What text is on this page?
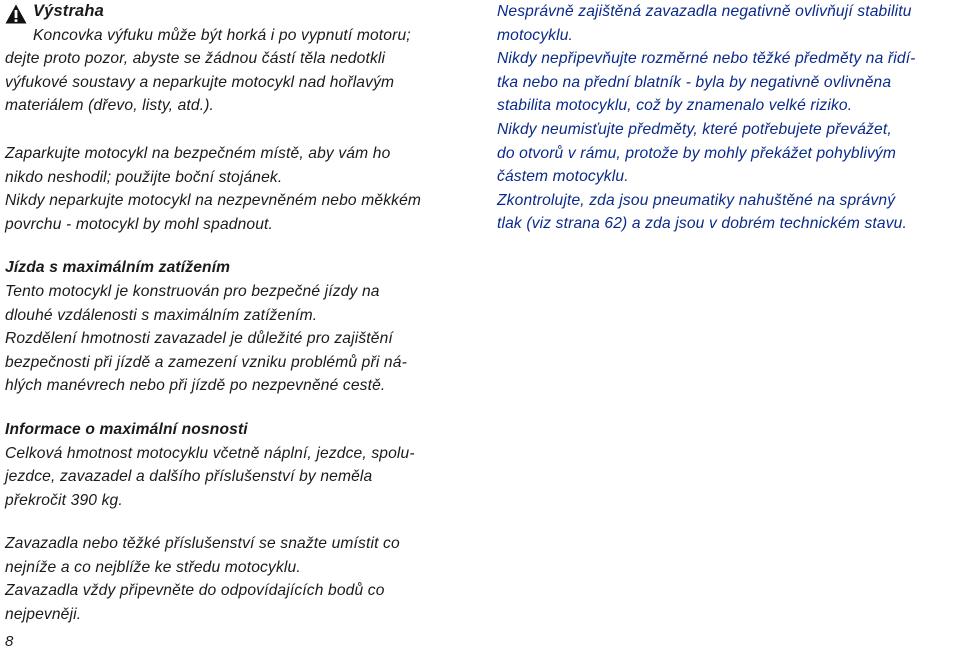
Výstraha

Koncovka výfuku může být horká i po vypnutí motoru;

dejte proto pozor, abyste se žádnou částí těla nedotkli

výfukové soustavy a neparkujte motocykl nad hořlavým

materiálem (dřevo, listy, atd.).

Zaparkujte motocykl na bezpečném místě, aby vám ho

nikdo neshodil; použijte boční stojánek.

Nikdy neparkujte motocykl na nezpevněném nebo měkkém

povrchu - motocykl by mohl spadnout.

Jízda s maximálním zatížením

Tento motocykl je konstruován pro bezpečné jízdy na

dlouhé vzdálenosti s maximálním zatížením.

Rozdělení hmotnosti zavazadel je důležité pro zajištění

bezpečnosti při jízdě a zamezení vzniku problémů při ná-

hlých manévrech nebo při jízdě po nezpevněné cestě.

Informace o maximální nosnosti

Celková hmotnost motocyklu včetně náplní, jezdce, spolu-

jezdce, zavazadel a dalšího příslušenství by neměla

překročit 390 kg.

Zavazadla nebo těžké příslušenství se snažte umístit co

nejníže a co nejblíže ke středu motocyklu.

Zavazadla vždy připevněte do odpovídajících bodů co

nejpevněji.

Nesprávně zajištěná zavazadla negativně ovlivňují stabilitu

motocyklu.

Nikdy nepřipevňujte rozměrné nebo těžké předměty na řidí-

tka nebo na přední blatník - byla by negativně ovlivněna

stabilita motocyklu, což by znamenalo velké riziko.

Nikdy neumisťujte předměty, které potřebujete převážet,

do otvorů v rámu, protože by mohly překážet pohyblivým

částem motocyklu.

Zkontrolujte, zda jsou pneumatiky nahuštěné na správný

tlak (viz strana 62) a zda jsou v dobrém technickém stavu.

8
